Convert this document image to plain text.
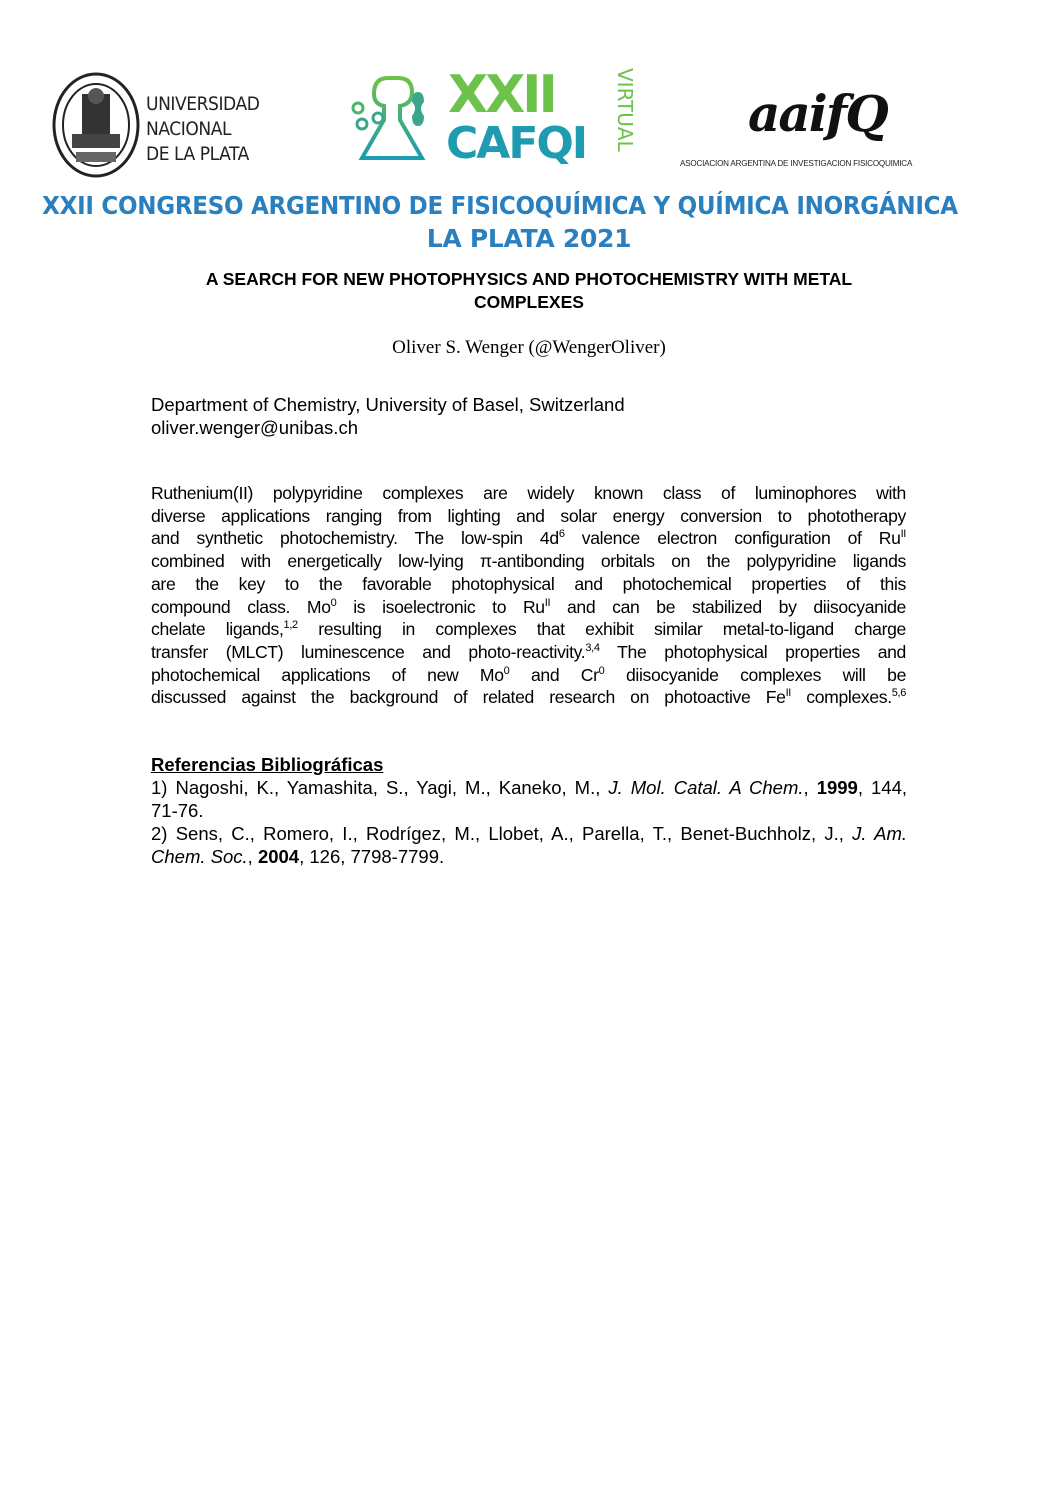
UNIVERSIDAD
NACIONAL
DE LA PLATA
XXII
CAFQI VIRTUAL aaifQ
ASOCIACION ARGENTINA DE INVESTIGACION FISICOQUIMICA
XXII CONGRESO ARGENTINO DE FISICOQUÍMICA Y QUÍMICA INORGÁNICA
LA PLATA 2021
A SEARCH FOR NEW PHOTOPHYSICS AND PHOTOCHEMISTRY WITH METAL
COMPLEXES
Oliver S. Wenger (@WengerOliver)
Department of Chemistry, University of Basel, Switzerland
oliver.wenger@unibas.ch
Ruthenium(II) polypyridine complexes are widely known class of luminophores with
diverse applications ranging from lighting and solar energy conversion to phototherapy
and synthetic photochemistry. The low-spin $4d^6$ valence electron configuration of $Ru^{II}$
combined with energetically low-lying π-antibonding orbitals on the polypyridine ligands
are the key to the favorable photophysical and photochemical properties of this
compound class. Mo$^0$ is isoelectronic to $Ru^{II}$ and can be stabilized by diisocyanide
chelate ligands,$^{1,2}$ resulting in complexes that exhibit similar metal-to-ligand charge
transfer (MLCT) luminescence and photo-reactivity.$^{3,4}$ The photophysical properties and
photochemical applications of new Mo$^0$ and Cr$^0$ diisocyanide complexes will be
discussed against the background of related research on photoactive $Fe^{II}$ complexes.$^{5,6}$
Referencias Bibliográficas
1) Nagoshi, K., Yamashita, S., Yagi, M., Kaneko, M., J. Mol. Catal. A Chem., 1999, 144,
71-76.
2) Sens, C., Romero, I., Rodrígez, M., Llobet, A., Parella, T., Benet-Buchholz, J., J. Am.
Chem. Soc., 2004, 126, 7798-7799.
